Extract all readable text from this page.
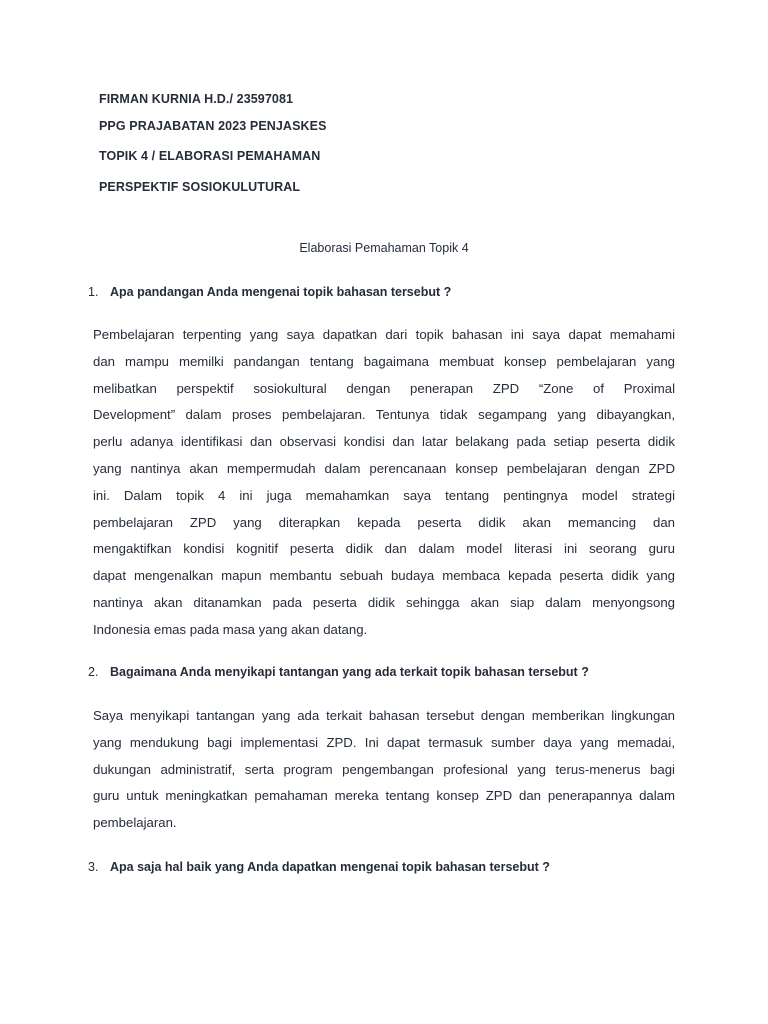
FIRMAN KURNIA H.D./ 23597081
PPG PRAJABATAN 2023 PENJASKES
TOPIK 4 / ELABORASI PEMAHAMAN
PERSPEKTIF SOSIOKULUTURAL
Elaborasi Pemahaman Topik 4
1. Apa pandangan Anda mengenai topik bahasan tersebut ?
Pembelajaran terpenting yang saya dapatkan dari topik bahasan ini saya dapat memahami
dan mampu memilki pandangan tentang bagaimana membuat konsep pembelajaran yang
melibatkan perspektif sosiokultural dengan penerapan ZPD “Zone of Proximal
Development” dalam proses pembelajaran. Tentunya tidak segampang yang dibayangkan,
perlu adanya identifikasi dan observasi kondisi dan latar belakang pada setiap peserta didik
yang nantinya akan mempermudah dalam perencanaan konsep pembelajaran dengan ZPD
ini. Dalam topik 4 ini juga memahamkan saya tentang pentingnya model strategi
pembelajaran ZPD yang diterapkan kepada peserta didik akan memancing dan
mengaktifkan kondisi kognitif peserta didik dan dalam model literasi ini seorang guru
dapat mengenalkan mapun membantu sebuah budaya membaca kepada peserta didik yang
nantinya akan ditanamkan pada peserta didik sehingga akan siap dalam menyongsong
Indonesia emas pada masa yang akan datang.
2. Bagaimana Anda menyikapi tantangan yang ada terkait topik bahasan tersebut ?
Saya menyikapi tantangan yang ada terkait bahasan tersebut dengan memberikan lingkungan
yang mendukung bagi implementasi ZPD. Ini dapat termasuk sumber daya yang memadai,
dukungan administratif, serta program pengembangan profesional yang terus-menerus bagi
guru untuk meningkatkan pemahaman mereka tentang konsep ZPD dan penerapannya dalam
pembelajaran.
3. Apa saja hal baik yang Anda dapatkan mengenai topik bahasan tersebut ?
